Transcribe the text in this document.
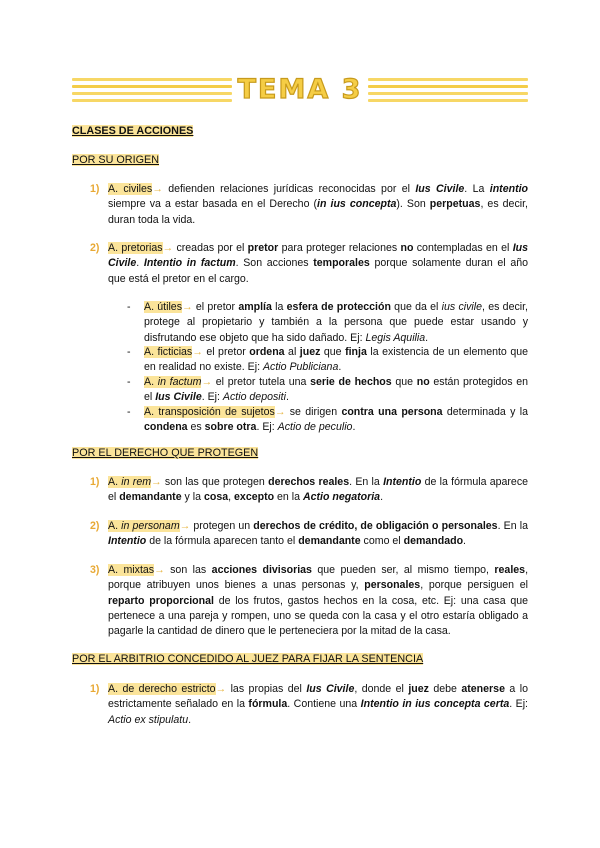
TEMA 3
CLASES DE ACCIONES
POR SU ORIGEN
1) A. civiles→ defienden relaciones jurídicas reconocidas por el Ius Civile. La intentio siempre va a estar basada en el Derecho (in ius concepta). Son perpetuas, es decir, duran toda la vida.
2) A. pretorias→ creadas por el pretor para proteger relaciones no contempladas en el Ius Civile. Intentio in factum. Son acciones temporales porque solamente duran el año que está el pretor en el cargo.
- A. útiles→ el pretor amplía la esfera de protección que da el ius civile, es decir, protege al propietario y también a la persona que puede estar usando y disfrutando ese objeto que ha sido dañado. Ej: Legis Aquilia.
- A. ficticias→ el pretor ordena al juez que finja la existencia de un elemento que en realidad no existe. Ej: Actio Publiciana.
- A. in factum→ el pretor tutela una serie de hechos que no están protegidos en el Ius Civile. Ej: Actio depositi.
- A. transposición de sujetos→ se dirigen contra una persona determinada y la condena es sobre otra. Ej: Actio de peculio.
POR EL DERECHO QUE PROTEGEN
1) A. in rem→ son las que protegen derechos reales. En la Intentio de la fórmula aparece el demandante y la cosa, excepto en la Actio negatoria.
2) A. in personam→ protegen un derechos de crédito, de obligación o personales. En la Intentio de la fórmula aparecen tanto el demandante como el demandado.
3) A. mixtas→ son las acciones divisorias que pueden ser, al mismo tiempo, reales, porque atribuyen unos bienes a unas personas y, personales, porque persiguen el reparto proporcional de los frutos, gastos hechos en la cosa, etc. Ej: una casa que pertenece a una pareja y rompen, uno se queda con la casa y el otro estaría obligado a pagarle la cantidad de dinero que le perteneciera por la mitad de la casa.
POR EL ARBITRIO CONCEDIDO AL JUEZ PARA FIJAR LA SENTENCIA
1) A. de derecho estricto→ las propias del Ius Civile, donde el juez debe atenerse a lo estrictamente señalado en la fórmula. Contiene una Intentio in ius concepta certa. Ej: Actio ex stipulatu.
